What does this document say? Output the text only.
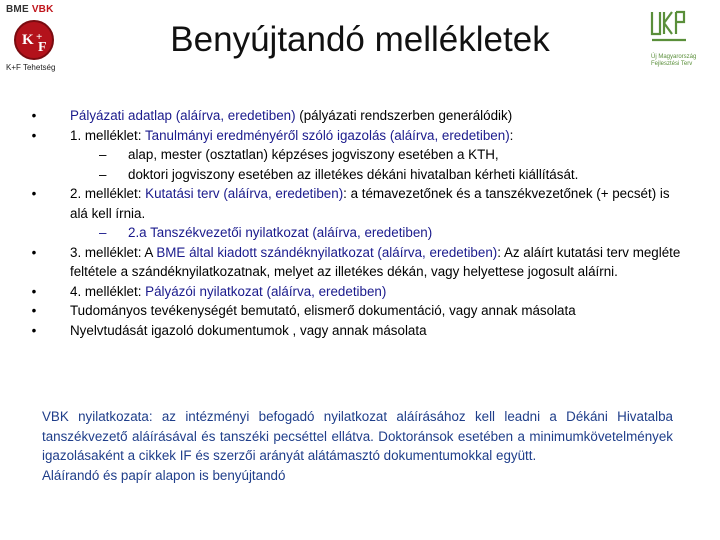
BME VBK
K +
F
K+F Tehetség
Benyújtandó mellékletek	Új Magyarország
Fejlesztési Terv
•	Pályázati adatlap (aláírva, eredetiben) (pályázati rendszerben generálódik)
•	1. melléklet: Tanulmányi eredményéről szóló igazolás (aláírva, eredetiben):
– alap, mester (osztatlan) képzéses jogviszony esetében a KTH,
– doktori jogviszony esetében az illetékes dékáni hivatalban kérheti kiállítását.
•	2. melléklet: Kutatási terv (aláírva, eredetiben): a témavezetőnek és a tanszékvezetőnek (+ pecsét) is alá kell írnia.
– 2.a Tanszékvezetői nyilatkozat (aláírva, eredetiben)
•	3. melléklet: A BME által kiadott szándéknyilatkozat (aláírva, eredetiben): Az aláírt kutatási terv megléte feltétele a szándéknyilatkozatnak, melyet az illetékes dékán, vagy helyettese jogosult aláírni.
•	4. melléklet: Pályázói nyilatkozat (aláírva, eredetiben)
•	Tudományos tevékenységét bemutató, elismerő dokumentáció, vagy annak másolata
•	Nyelvtudását igazoló dokumentumok , vagy annak másolata
VBK nyilatkozata: az intézményi befogadó nyilatkozat aláírásához kell leadni a Dékáni Hivatalba tanszékvezető aláírásával és tanszéki pecséttel ellátva. Doktoránsok esetében a minimumkövetelmények igazolásaként a cikkek IF és szerzői arányát alátámasztó dokumentumokkal együtt.
Aláírandó és papír alapon is benyújtandó
